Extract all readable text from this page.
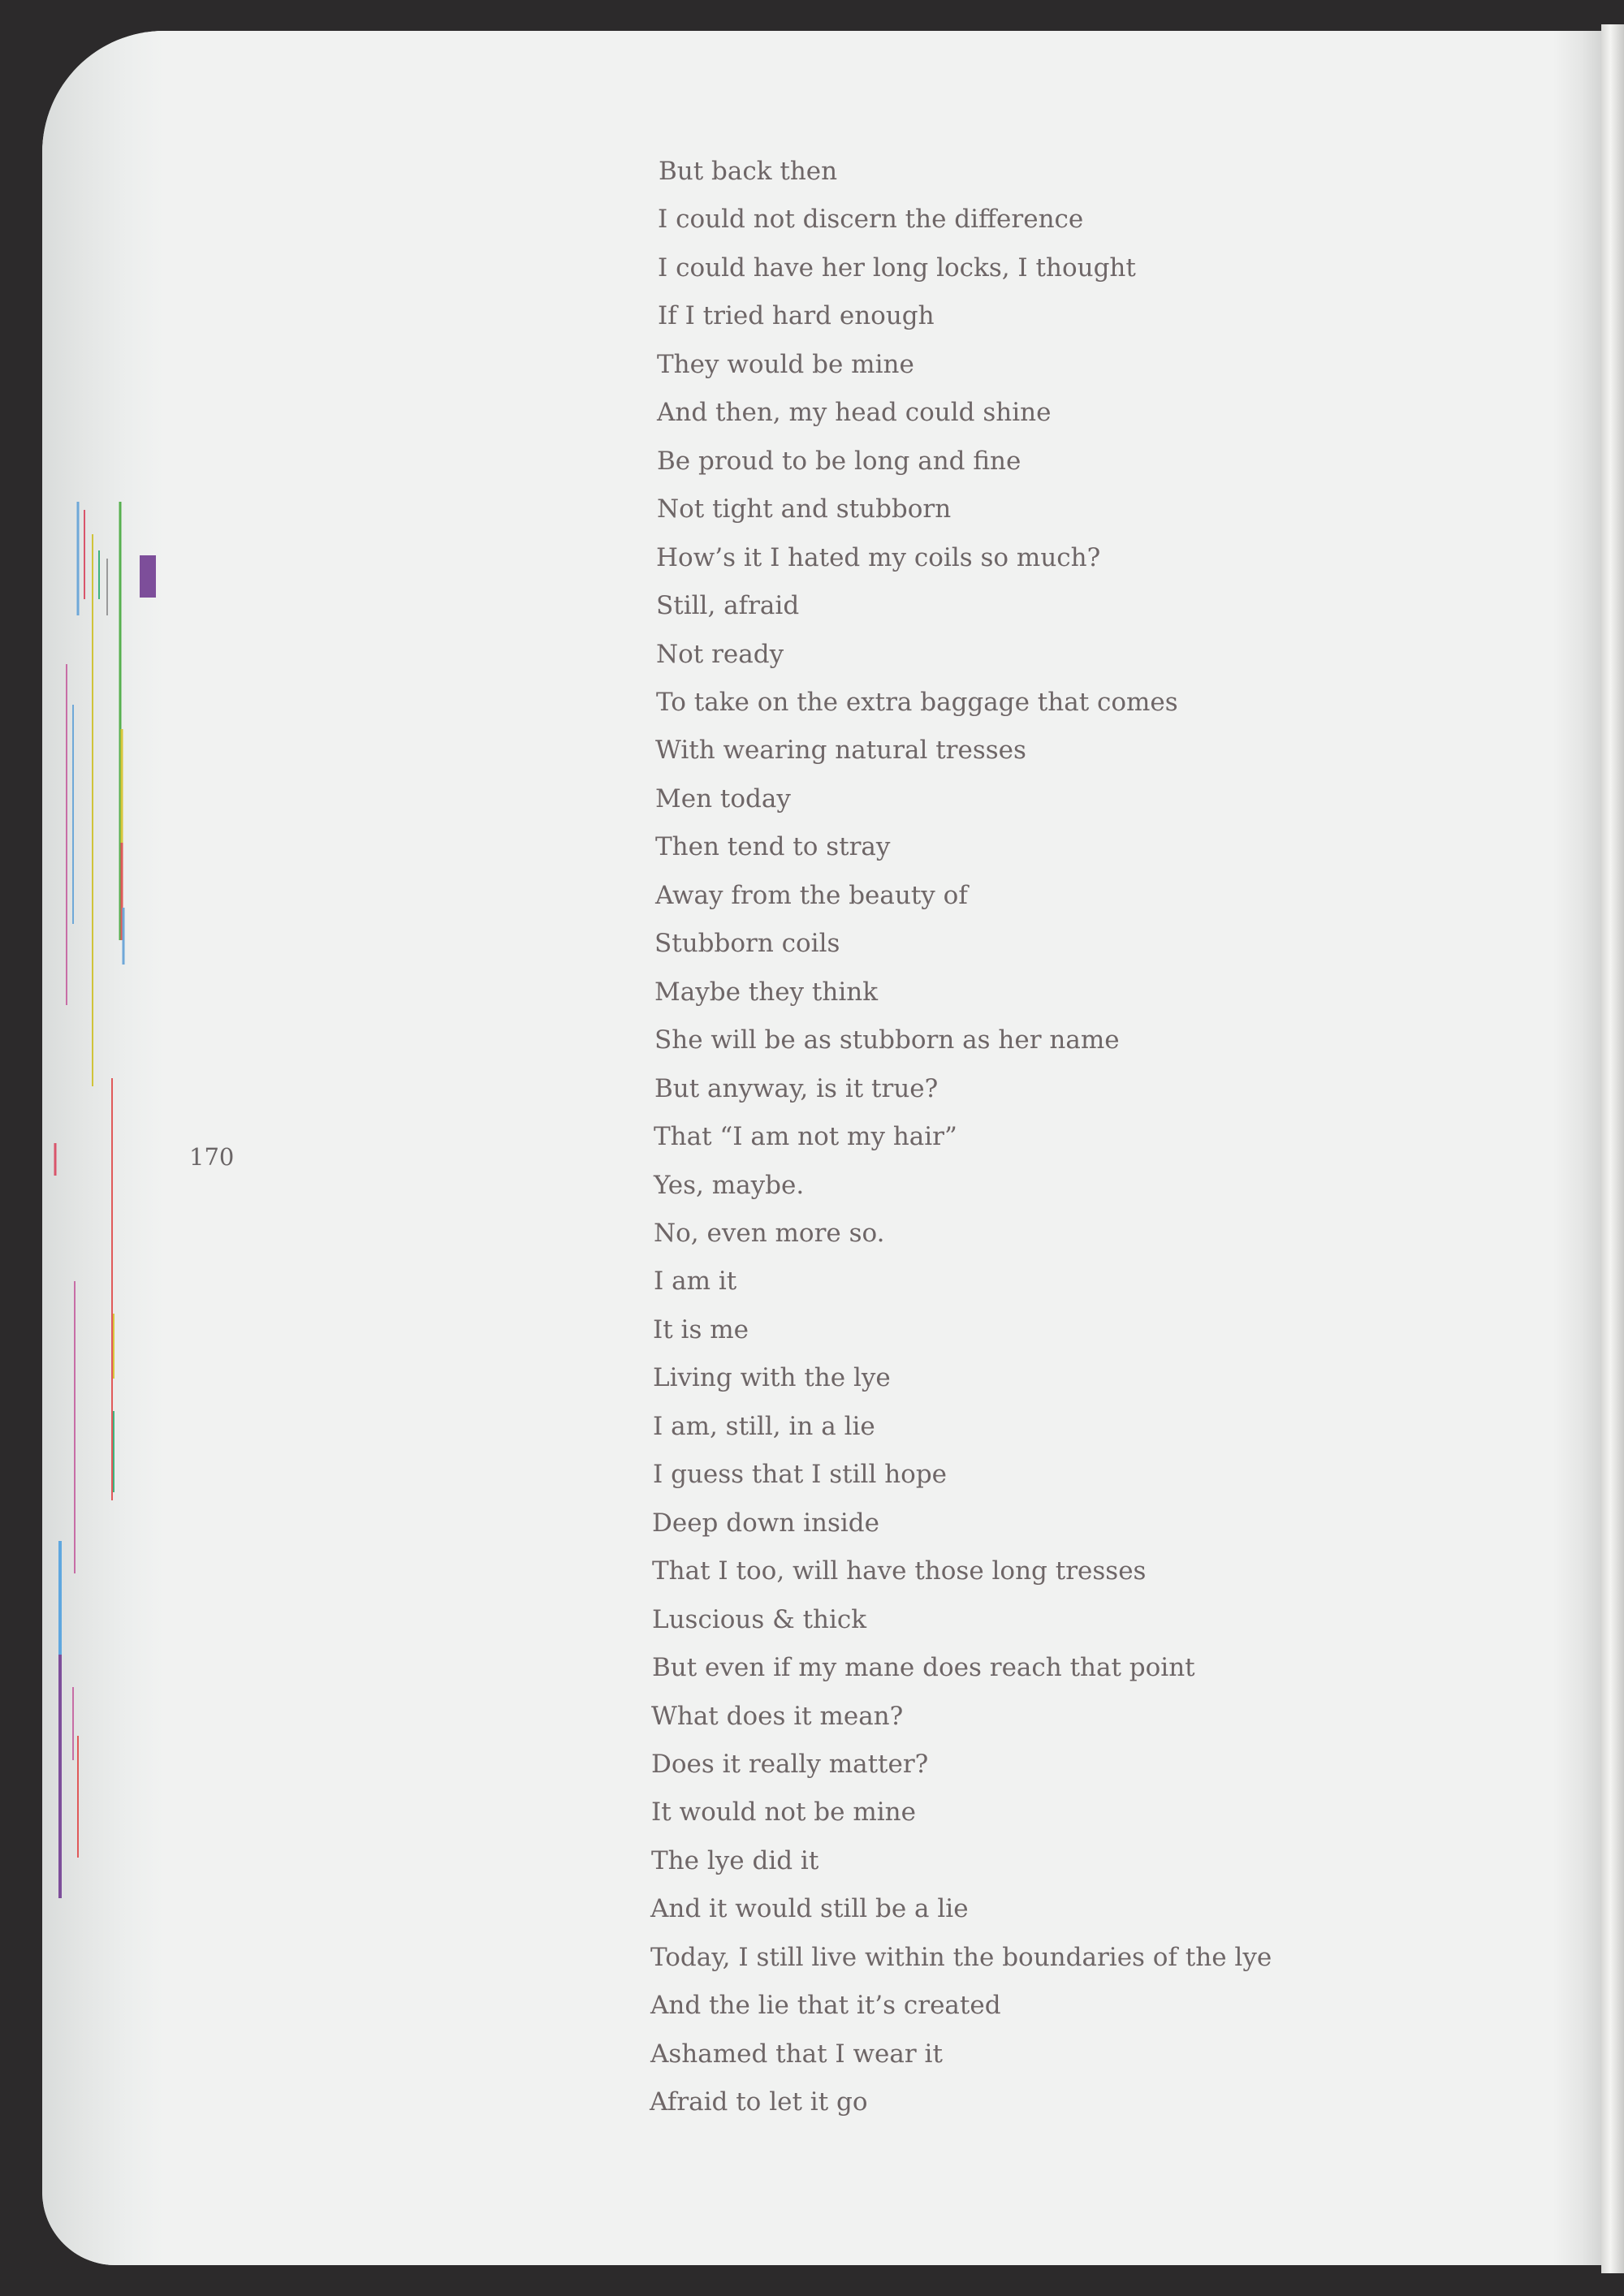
170

But back then

I could not discern the difference

I could have her long locks, I thought

If I tried hard enough

They would be mine

And then, my head could shine

Be proud to be long and fine

Not tight and stubborn

How’s it I hated my coils so much?

Still, afraid

Not ready

To take on the extra baggage that comes

With wearing natural tresses

Men today

Then tend to stray

Away from the beauty of

Stubborn coils

Maybe they think

She will be as stubborn as her name

But anyway, is it true?

That “I am not my hair”

Yes, maybe.

No, even more so.

I am it

It is me

Living with the lye

I am, still, in a lie

I guess that I still hope

Deep down inside

That I too, will have those long tresses

Luscious & thick

But even if my mane does reach that point

What does it mean?

Does it really matter?

It would not be mine

The lye did it

And it would still be a lie

Today, I still live within the boundaries of the lye

And the lie that it’s created

Ashamed that I wear it

Afraid to let it go
